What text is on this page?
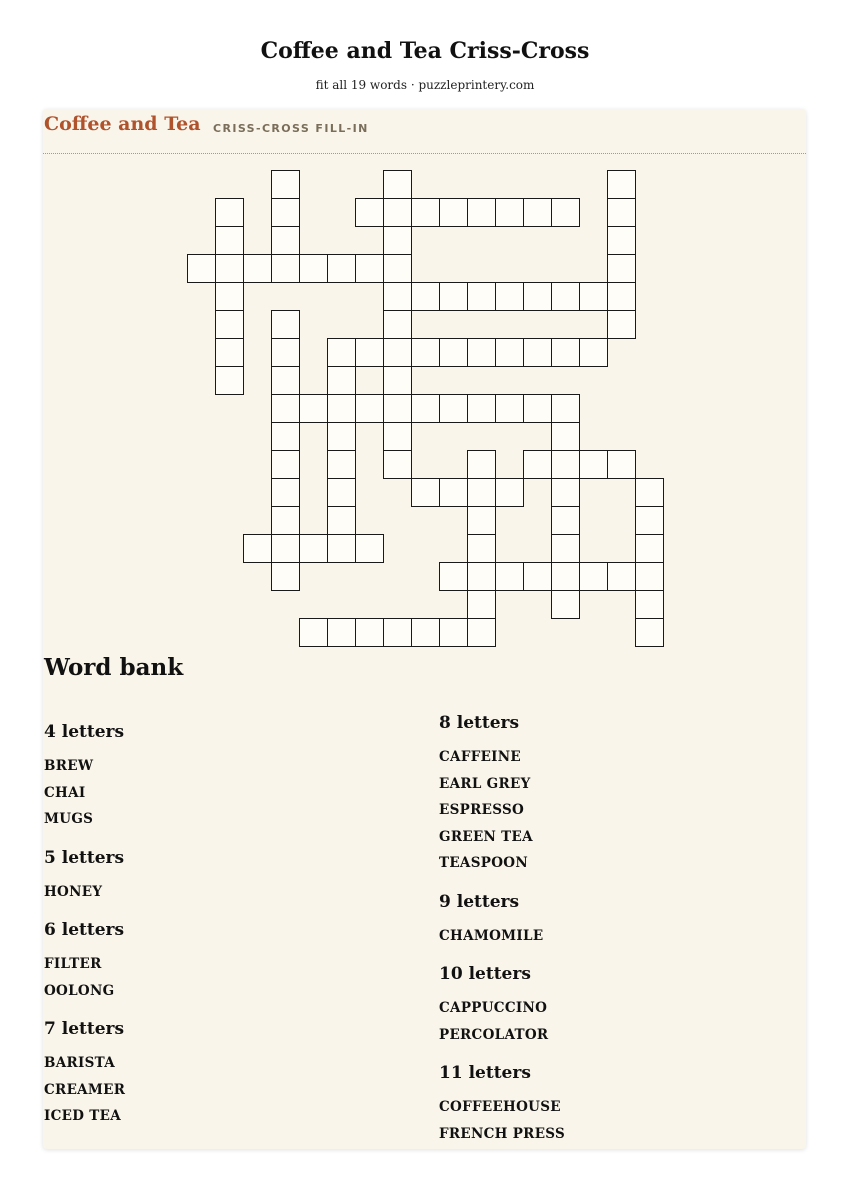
Coffee and Tea Criss-Cross
fit all 19 words · puzzleprintery.com
Coffee and Tea CRISS-CROSS FILL-IN
Word bank
4 letters
BREW
CHAI
MUGS
5 letters
HONEY
6 letters
FILTER
OOLONG
7 letters
BARISTA
CREAMER
ICED TEA
8 letters
CAFFEINE
EARL GREY
ESPRESSO
GREEN TEA
TEASPOON
9 letters
CHAMOMILE
10 letters
CAPPUCCINO
PERCOLATOR
11 letters
COFFEEHOUSE
FRENCH PRESS
